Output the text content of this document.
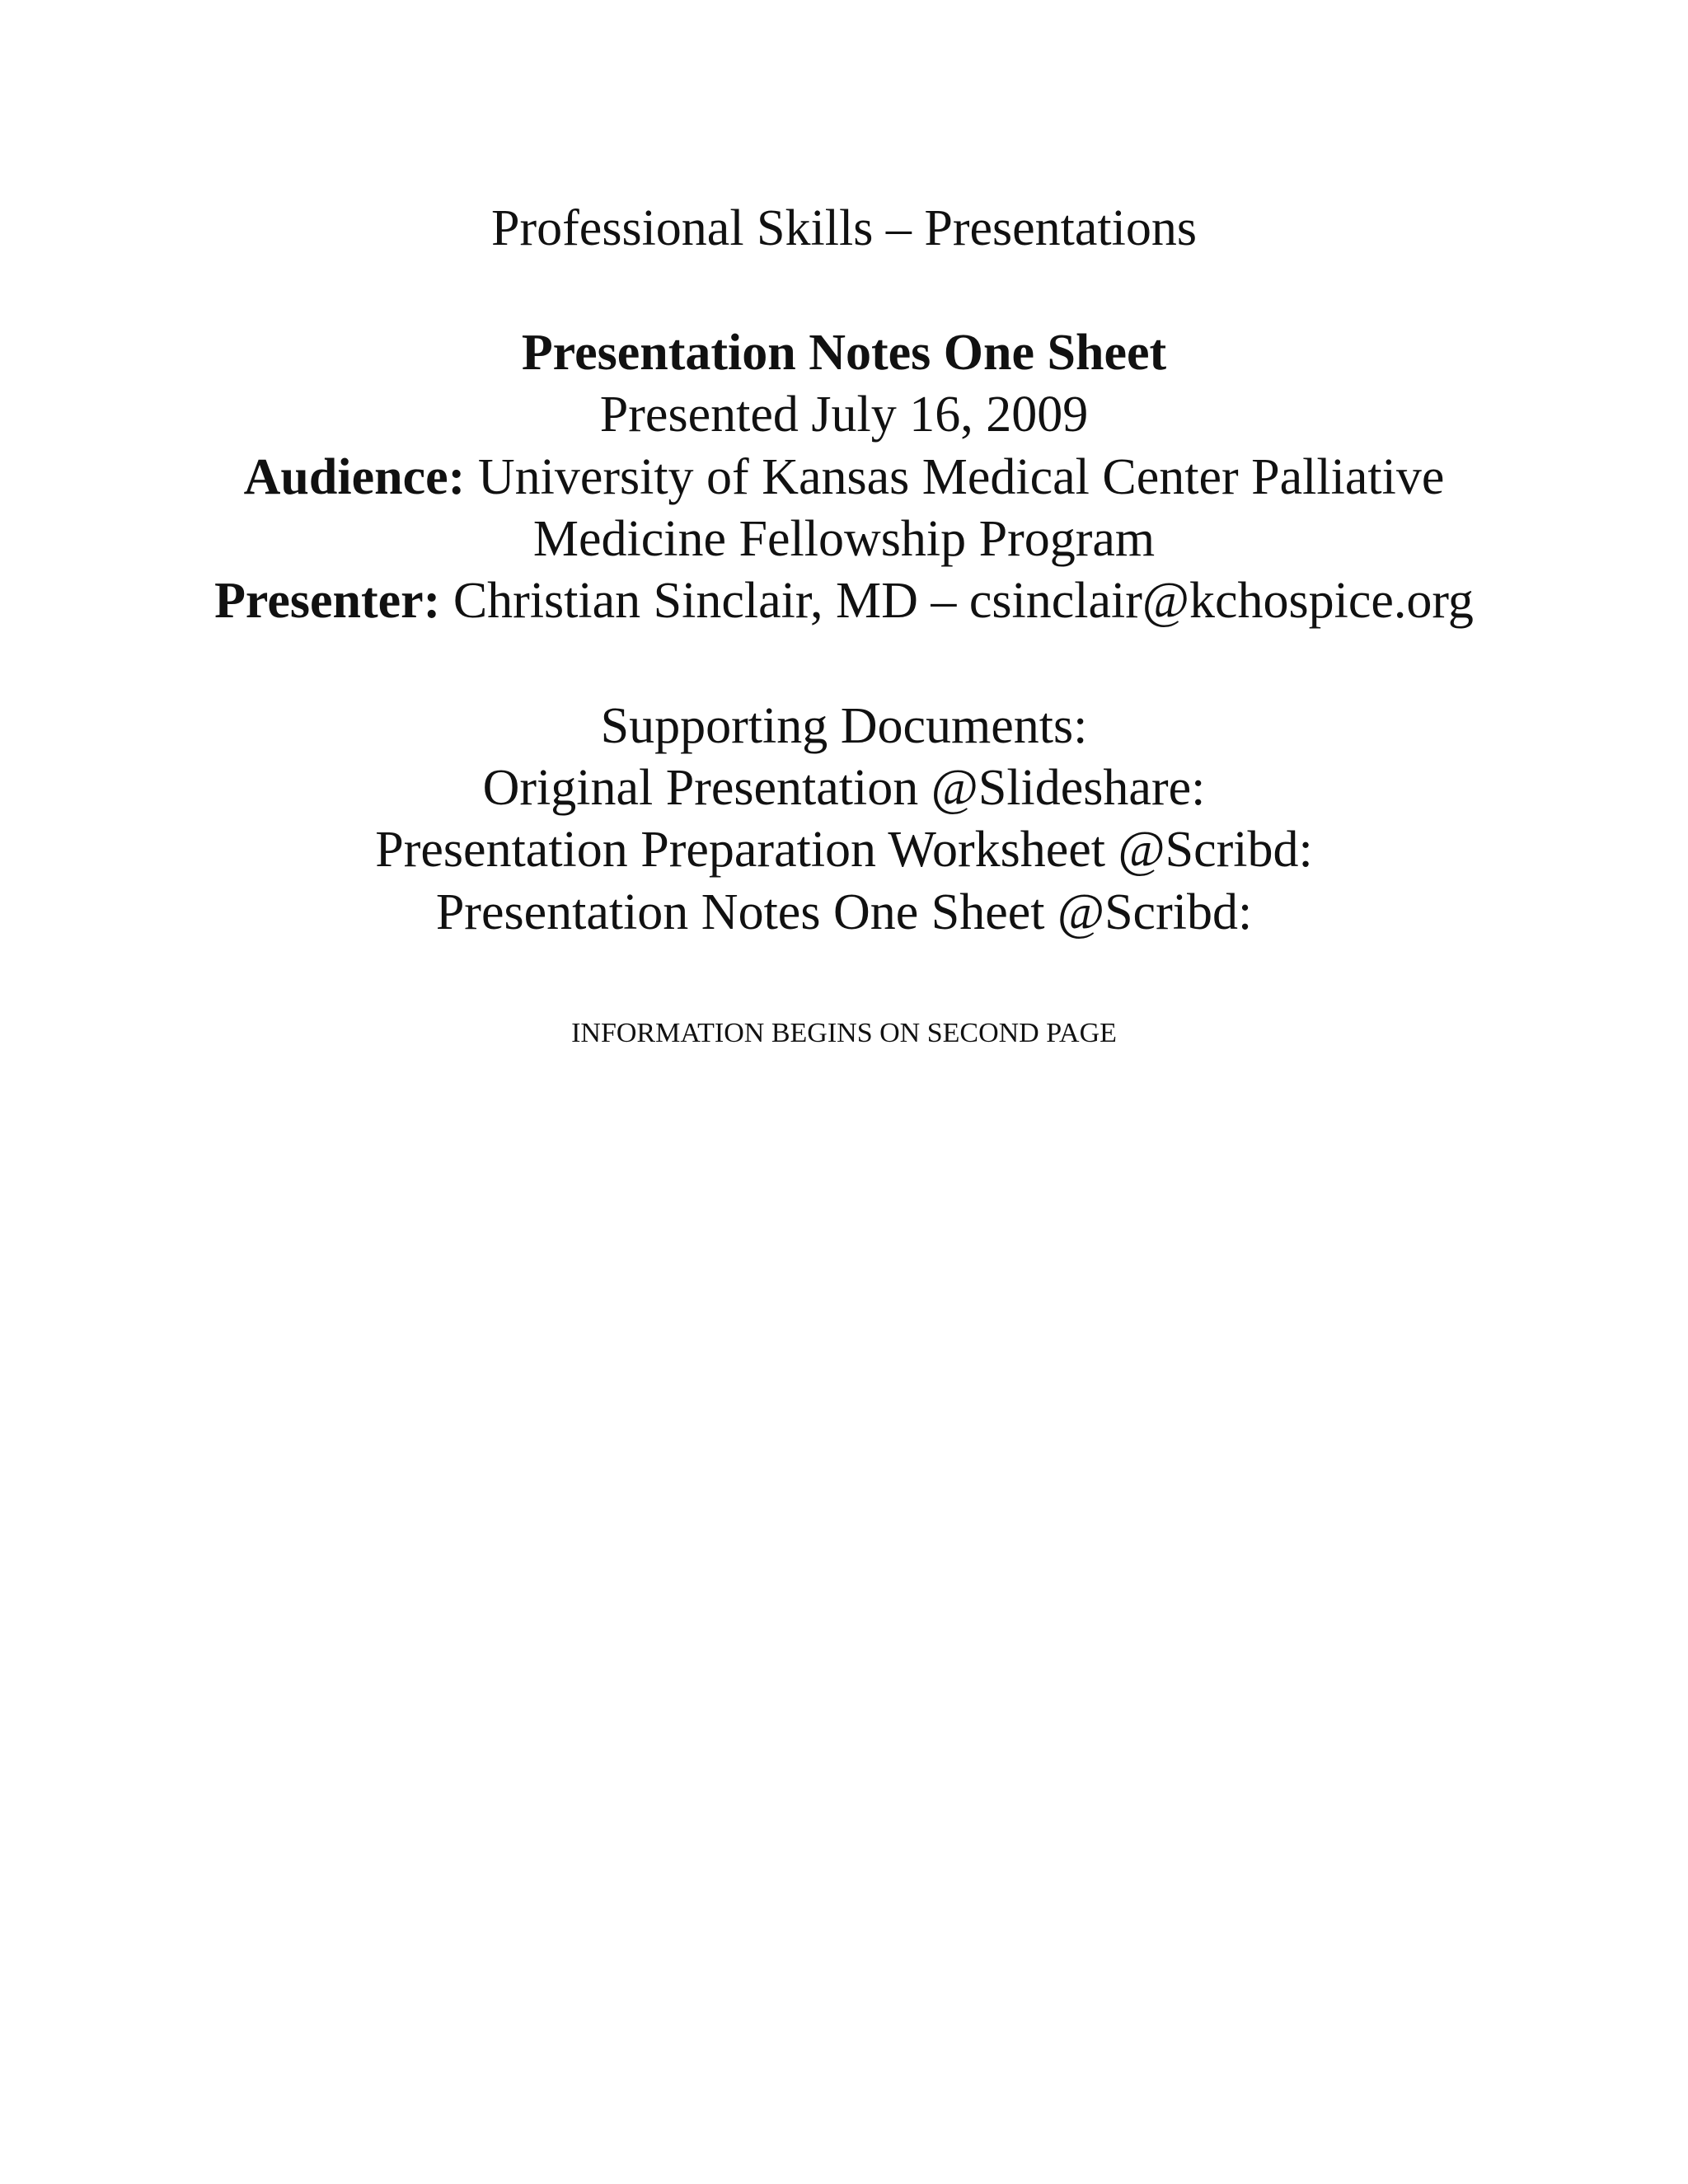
Professional Skills – Presentations
Presentation Notes One Sheet
Presented July 16, 2009
Audience: University of Kansas Medical Center Palliative
Medicine Fellowship Program
Presenter: Christian Sinclair, MD – csinclair@kchospice.org
Supporting Documents:
Original Presentation @Slideshare:
Presentation Preparation Worksheet @Scribd:
Presentation Notes One Sheet @Scribd:
INFORMATION BEGINS ON SECOND PAGE
